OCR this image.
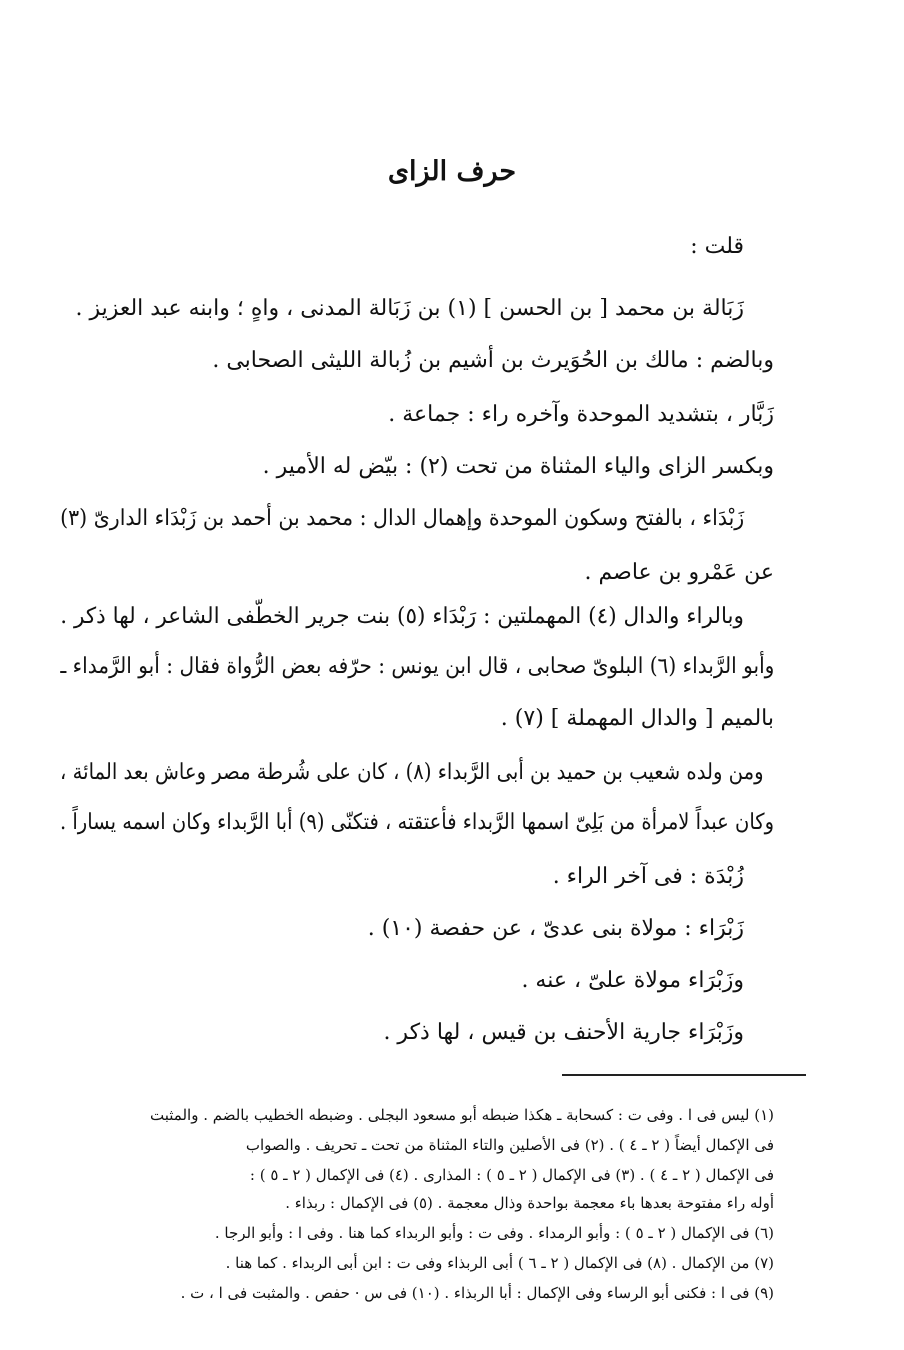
حرف الزاى
قلت :
زَبَالة بن محمد [ بن الحسن ] (١) بن زَبَالة المدنى ، واهٍ ؛ وابنه عبد العزيز .
وبالضم : مالك بن الحُوَيرث بن أشيم بن زُبالة الليثى الصحابى .
زَبَّار ، بتشديد الموحدة وآخره راء : جماعة .
وبكسر الزاى والياء المثناة من تحت (٢) : بيّض له الأمير .
زَبْدَاء ، بالفتح وسكون الموحدة وإهمال الدال : محمد بن أحمد بن زَبْدَاء الدارىّ (٣)
عن عَمْرو بن عاصم .
وبالراء والدال (٤) المهملتين : رَبْدَاء (٥) بنت جرير الخطّفى الشاعر ، لها ذكر .
وأبو الرَّبداء (٦) البلوىّ صحابى ، قال ابن يونس : حرّفه بعض الرُّواة فقال : أبو الرَّمداء ـ
بالميم [ والدال المهملة ] (٧) .
ومن ولده شعيب بن حميد بن أبى الرَّبداء (٨) ، كان على شُرطة مصر وعاش بعد المائة ،
وكان عبداً لامرأة من بَلِىّ اسمها الرَّبداء فأعتقته ، فتكنّى (٩) أبا الرَّبداء وكان اسمه يساراً .
زُبْدَة : فى آخر الراء .
زَبْرَاء : مولاة بنى عدىّ ، عن حفصة (١٠) .
وزَبْرَاء مولاة علىّ ، عنه .
وزَبْرَاء جارية الأحنف بن قيس ، لها ذكر .
(١) ليس فى ا . وفى ت : كسحابة ـ هكذا ضبطه أبو مسعود البجلى . وضبطه الخطيب بالضم . والمثبت
فى الإكمال أيضاً ( ٢ ـ ٤ ) . (٢) فى الأصلين والتاء المثناة من تحت ـ تحريف . والصواب
فى الإكمال ( ٢ ـ ٤ ) . (٣) فى الإكمال ( ٢ ـ ٥ ) : المذارى . (٤) فى الإكمال ( ٢ ـ ٥ ) :
أوله راء مفتوحة بعدها باء معجمة بواحدة وذال معجمة . (٥) فى الإكمال : ربذاء .
(٦) فى الإكمال ( ٢ ـ ٥ ) : وأبو الرمداء . وفى ت : وأبو الربداء كما هنا . وفى ا : وأبو الرجا .
(٧) من الإكمال . (٨) فى الإكمال ( ٢ ـ ٦ ) أبى الربذاء وفى ت : ابن أبى الربداء . كما هنا .
(٩) فى ا : فكنى أبو الرساء وفى الإكمال : أبا الربذاء . (١٠) فى س · حفص . والمثبت فى ا ، ت .
